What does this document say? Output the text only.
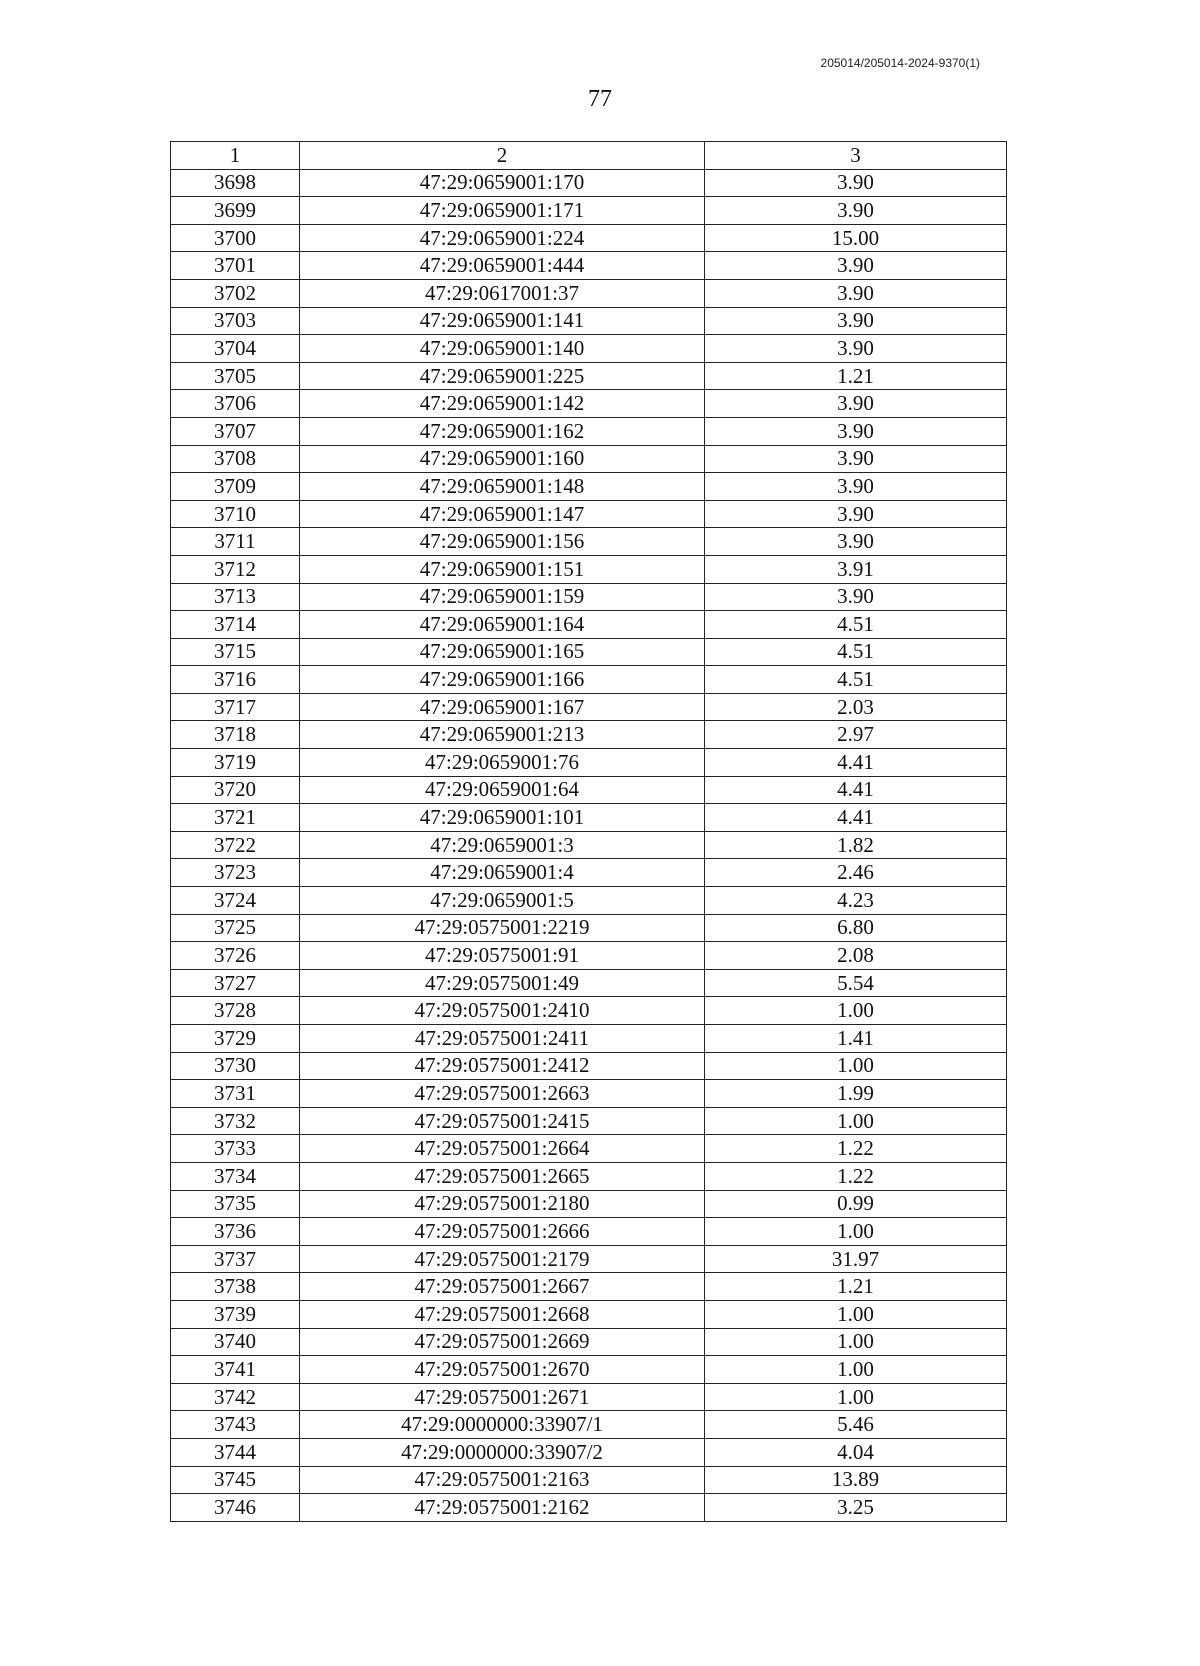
205014/205014-2024-9370(1)
77
1	2	3
3698	47:29:0659001:170	3.90
3699	47:29:0659001:171	3.90
3700	47:29:0659001:224	15.00
3701	47:29:0659001:444	3.90
3702	47:29:0617001:37	3.90
3703	47:29:0659001:141	3.90
3704	47:29:0659001:140	3.90
3705	47:29:0659001:225	1.21
3706	47:29:0659001:142	3.90
3707	47:29:0659001:162	3.90
3708	47:29:0659001:160	3.90
3709	47:29:0659001:148	3.90
3710	47:29:0659001:147	3.90
3711	47:29:0659001:156	3.90
3712	47:29:0659001:151	3.91
3713	47:29:0659001:159	3.90
3714	47:29:0659001:164	4.51
3715	47:29:0659001:165	4.51
3716	47:29:0659001:166	4.51
3717	47:29:0659001:167	2.03
3718	47:29:0659001:213	2.97
3719	47:29:0659001:76	4.41
3720	47:29:0659001:64	4.41
3721	47:29:0659001:101	4.41
3722	47:29:0659001:3	1.82
3723	47:29:0659001:4	2.46
3724	47:29:0659001:5	4.23
3725	47:29:0575001:2219	6.80
3726	47:29:0575001:91	2.08
3727	47:29:0575001:49	5.54
3728	47:29:0575001:2410	1.00
3729	47:29:0575001:2411	1.41
3730	47:29:0575001:2412	1.00
3731	47:29:0575001:2663	1.99
3732	47:29:0575001:2415	1.00
3733	47:29:0575001:2664	1.22
3734	47:29:0575001:2665	1.22
3735	47:29:0575001:2180	0.99
3736	47:29:0575001:2666	1.00
3737	47:29:0575001:2179	31.97
3738	47:29:0575001:2667	1.21
3739	47:29:0575001:2668	1.00
3740	47:29:0575001:2669	1.00
3741	47:29:0575001:2670	1.00
3742	47:29:0575001:2671	1.00
3743	47:29:0000000:33907/1	5.46
3744	47:29:0000000:33907/2	4.04
3745	47:29:0575001:2163	13.89
3746	47:29:0575001:2162	3.25
